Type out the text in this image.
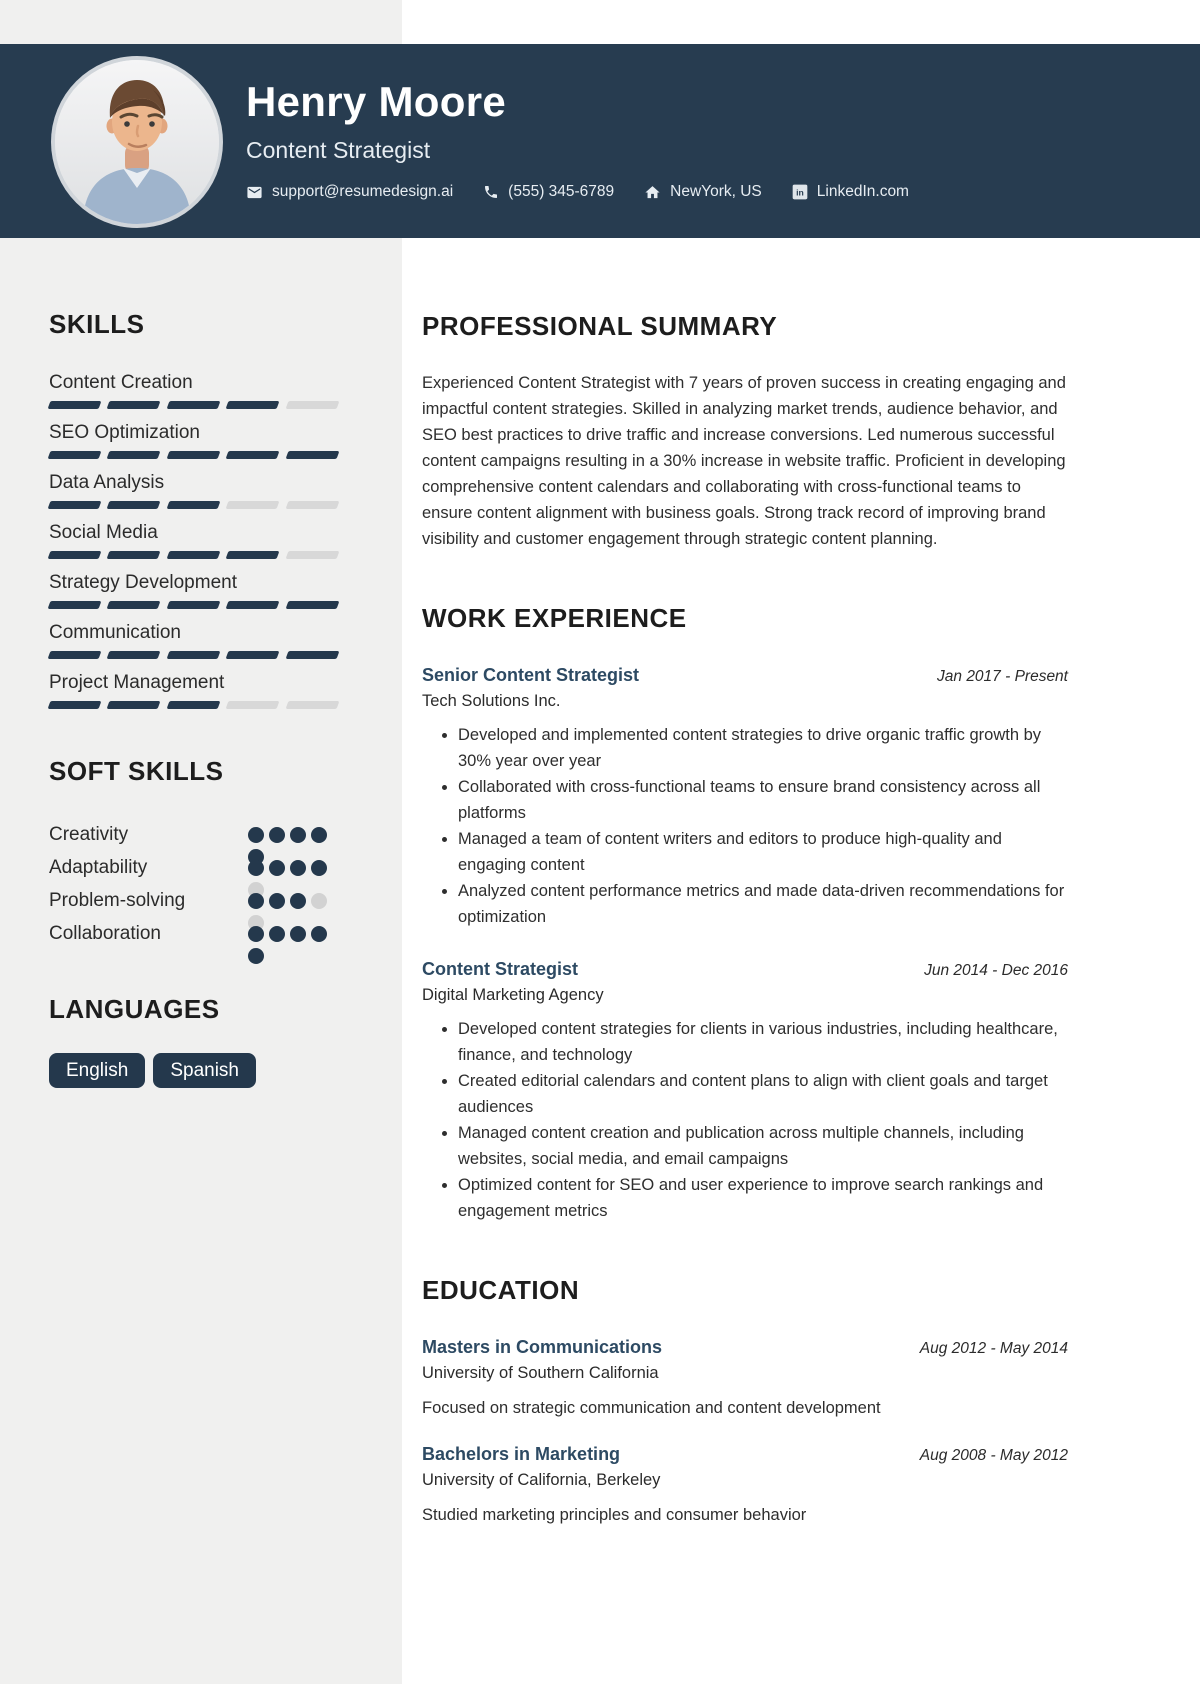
Henry Moore
Content Strategist
support@resumedesign.ai	(555) 345-6789	NewYork, US	in LinkedIn.com
SKILLS
Content Creation
SEO Optimization
Data Analysis
Social Media
Strategy Development
Communication
Project Management
SOFT SKILLS
Creativity
Adaptability
Problem-solving
Collaboration
LANGUAGES
English	Spanish
PROFESSIONAL SUMMARY

Experienced Content Strategist with 7 years of proven success in creating engaging and impactful content strategies. Skilled in analyzing market trends, audience behavior, and SEO best practices to drive traffic and increase conversions. Led numerous successful content campaigns resulting in a 30% increase in website traffic. Proficient in developing comprehensive content calendars and collaborating with cross-functional teams to ensure content alignment with business goals. Strong track record of improving brand visibility and customer engagement through strategic content planning.

WORK EXPERIENCE
Senior Content Strategist	Jan 2017 - Present
Tech Solutions Inc.
• Developed and implemented content strategies to drive organic traffic growth by 30% year over year
• Collaborated with cross-functional teams to ensure brand consistency across all platforms
• Managed a team of content writers and editors to produce high-quality and engaging content
• Analyzed content performance metrics and made data-driven recommendations for optimization
Content Strategist	Jun 2014 - Dec 2016
Digital Marketing Agency
• Developed content strategies for clients in various industries, including healthcare, finance, and technology
• Created editorial calendars and content plans to align with client goals and target audiences
• Managed content creation and publication across multiple channels, including websites, social media, and email campaigns
• Optimized content for SEO and user experience to improve search rankings and engagement metrics
EDUCATION
Masters in Communications	Aug 2012 - May 2014
University of Southern California
Focused on strategic communication and content development
Bachelors in Marketing	Aug 2008 - May 2012
University of California, Berkeley
Studied marketing principles and consumer behavior
